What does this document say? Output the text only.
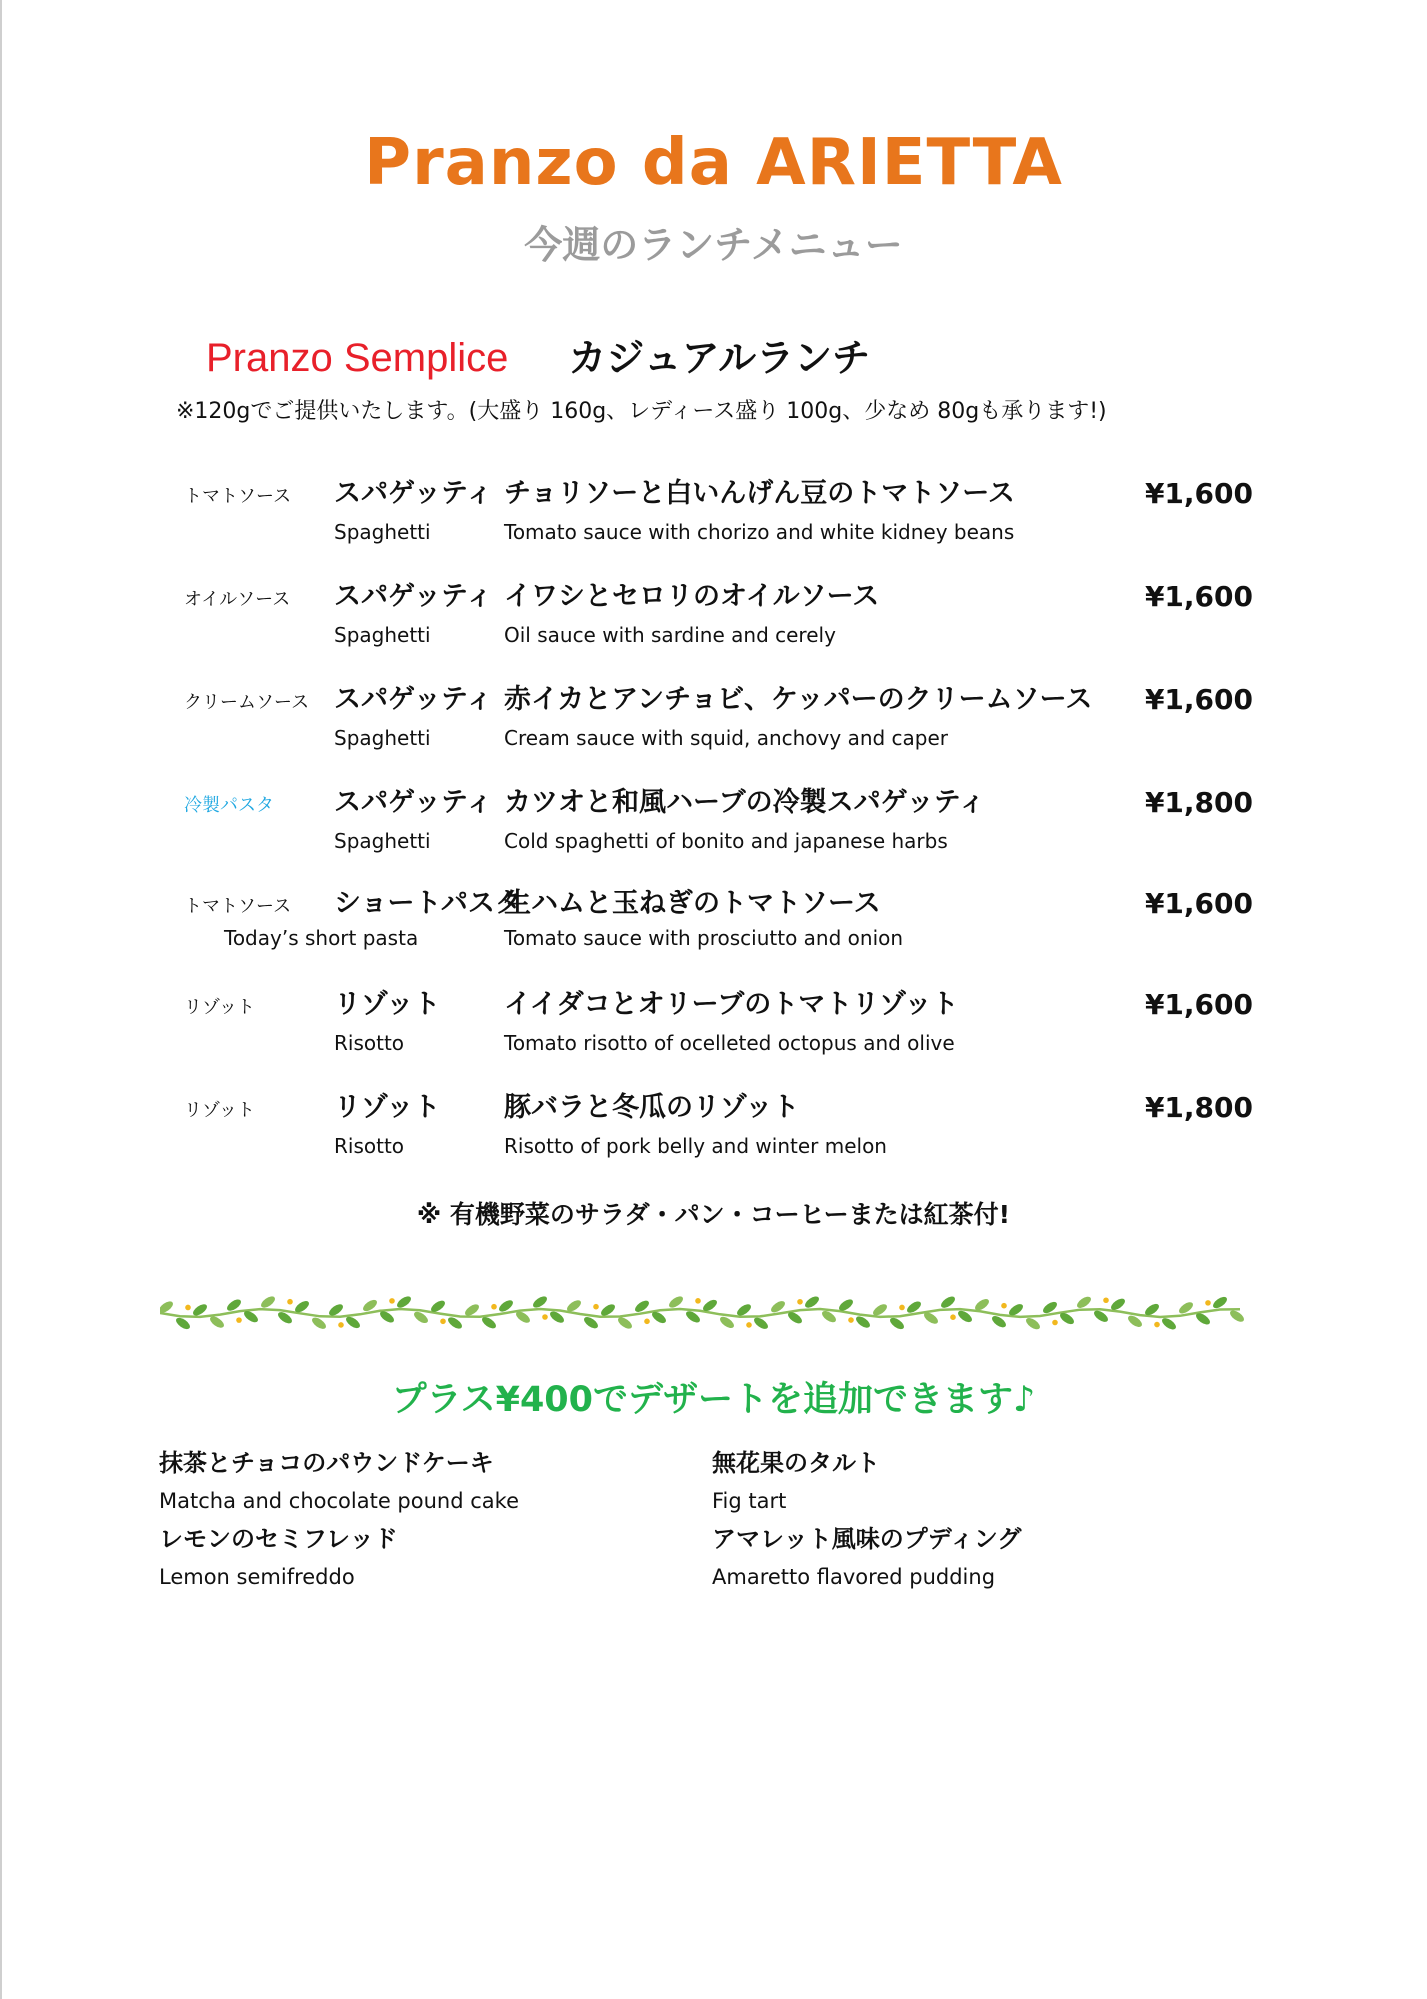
Pranzo da ARIETTA
今週のランチメニュー
Pranzo Semplice カジュアルランチ
※120gでご提供いたします。(大盛り 160g、レディース盛り 100g、少なめ 80gも承ります!)
トマトソース スパゲッティ
Spaghetti
チョリソーと白いんげん豆のトマトソース
Tomato sauce with chorizo and white kidney beans
¥1,600
オイルソース スパゲッティ
Spaghetti
イワシとセロリのオイルソース
Oil sauce with sardine and cerely
¥1,600
クリームソース スパゲッティ
Spaghetti
赤イカとアンチョビ、ケッパーのクリームソース
Cream sauce with squid, anchovy and caper
¥1,600
冷製パスタ スパゲッティ
Spaghetti
カツオと和風ハーブの冷製スパゲッティ
Cold spaghetti of bonito and japanese harbs
¥1,800
トマトソース ショートパスタ
Today’s short pasta
生ハムと玉ねぎのトマトソース
Tomato sauce with prosciutto and onion
¥1,600
リゾット	リゾット
Risotto
イイダコとオリーブのトマトリゾット
Tomato risotto of ocelleted octopus and olive
¥1,600
リゾット	リゾット
Risotto
豚バラと冬瓜のリゾット
Risotto of pork belly and winter melon
¥1,800
※ 有機野菜のサラダ・パン・コーヒーまたは紅茶付!
プラス¥400でデザートを追加できます♪
抹茶とチョコのパウンドケーキ
Matcha and chocolate pound cake
無花果のタルト
Fig tart
レモンのセミフレッド
Lemon semifreddo
アマレット風味のプディング
Amaretto flavored pudding
